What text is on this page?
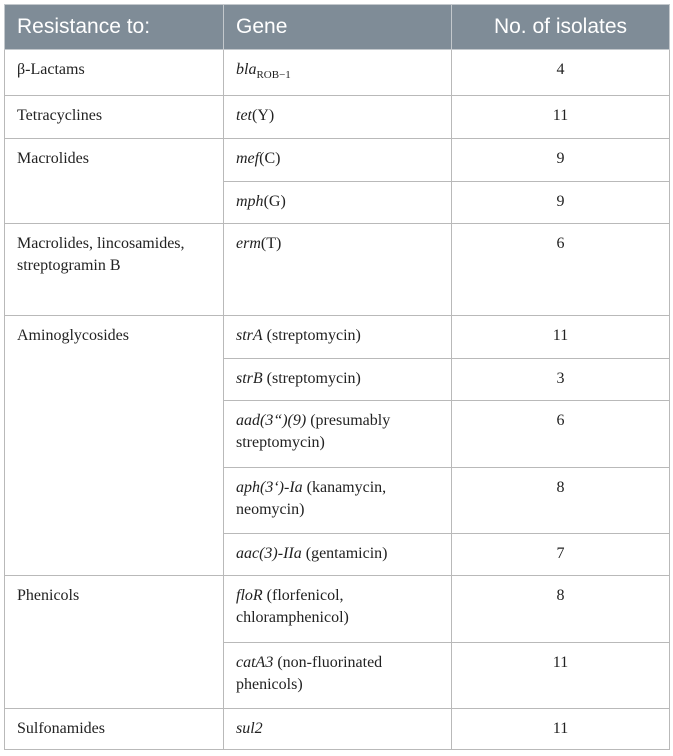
Resistance to:	Gene	No. of isolates
β-Lactams	bla$_{ROB-1}$	4
Tetracyclines	tet(Y)	11
Macrolides	mef(C)	9
	mph(G)	9
Macrolides, lincosamides, streptogramin B	erm(T)	6
Aminoglycosides	strA (streptomycin)	11
	strB (streptomycin)	3
	aad(3“)(9) (presumably streptomycin)	6
	aph(3‘)-Ia (kanamycin, neomycin)	8
	aac(3)-IIa (gentamicin)	7
Phenicols	floR (florfenicol, chloramphenicol)	8
	catA3 (non-fluorinated phenicols)	11
Sulfonamides	sul2	11
